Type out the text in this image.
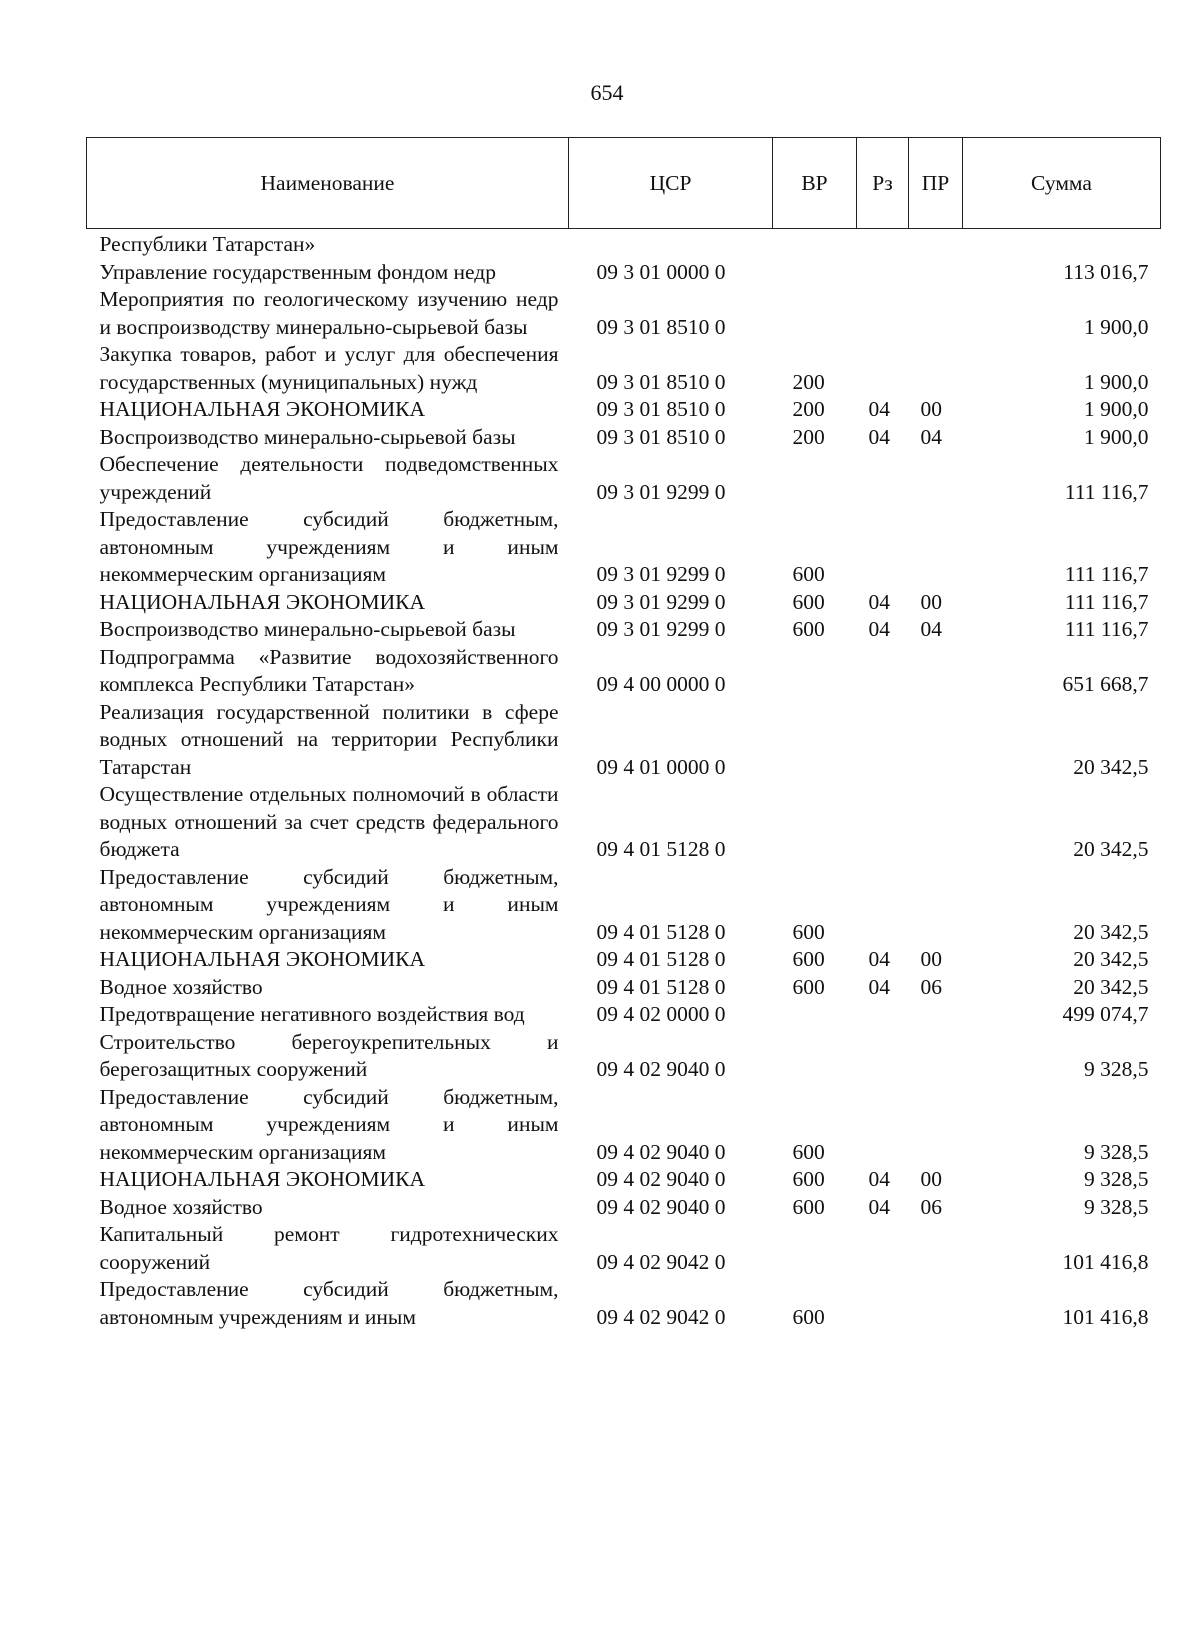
654
Наименование	ЦСР	ВР	Рз	ПР	Сумма
Республики Татарстан»					
Управление государственным фондом недр	09 3 01 0000 0				113 016,7
Мероприятия по геологическому изучению недр и воспроизводству минерально-сырьевой базы	09 3 01 8510 0				1 900,0
Закупка товаров, работ и услуг для обеспечения государственных (муниципальных) нужд	09 3 01 8510 0	200			1 900,0
НАЦИОНАЛЬНАЯ ЭКОНОМИКА	09 3 01 8510 0	200	04	00	1 900,0
Воспроизводство минерально-сырьевой базы	09 3 01 8510 0	200	04	04	1 900,0
Обеспечение деятельности подведомственных учреждений	09 3 01 9299 0				111 116,7
Предоставление субсидий бюджетным, автономным учреждениям и иным некоммерческим организациям	09 3 01 9299 0	600			111 116,7
НАЦИОНАЛЬНАЯ ЭКОНОМИКА	09 3 01 9299 0	600	04	00	111 116,7
Воспроизводство минерально-сырьевой базы	09 3 01 9299 0	600	04	04	111 116,7
Подпрограмма «Развитие водохозяйственного комплекса Республики Татарстан»	09 4 00 0000 0				651 668,7
Реализация государственной политики в сфере водных отношений на территории Республики Татарстан	09 4 01 0000 0				20 342,5
Осуществление отдельных полномочий в области водных отношений за счет средств федерального бюджета	09 4 01 5128 0				20 342,5
Предоставление субсидий бюджетным, автономным учреждениям и иным некоммерческим организациям	09 4 01 5128 0	600			20 342,5
НАЦИОНАЛЬНАЯ ЭКОНОМИКА	09 4 01 5128 0	600	04	00	20 342,5
Водное хозяйство	09 4 01 5128 0	600	04	06	20 342,5
Предотвращение негативного воздействия вод	09 4 02 0000 0				499 074,7
Строительство берегоукрепительных и берегозащитных сооружений	09 4 02 9040 0				9 328,5
Предоставление субсидий бюджетным, автономным учреждениям и иным некоммерческим организациям	09 4 02 9040 0	600			9 328,5
НАЦИОНАЛЬНАЯ ЭКОНОМИКА	09 4 02 9040 0	600	04	00	9 328,5
Водное хозяйство	09 4 02 9040 0	600	04	06	9 328,5
Капитальный ремонт гидротехнических сооружений	09 4 02 9042 0				101 416,8
Предоставление субсидий бюджетным, автономным учреждениям и иным	09 4 02 9042 0	600			101 416,8
